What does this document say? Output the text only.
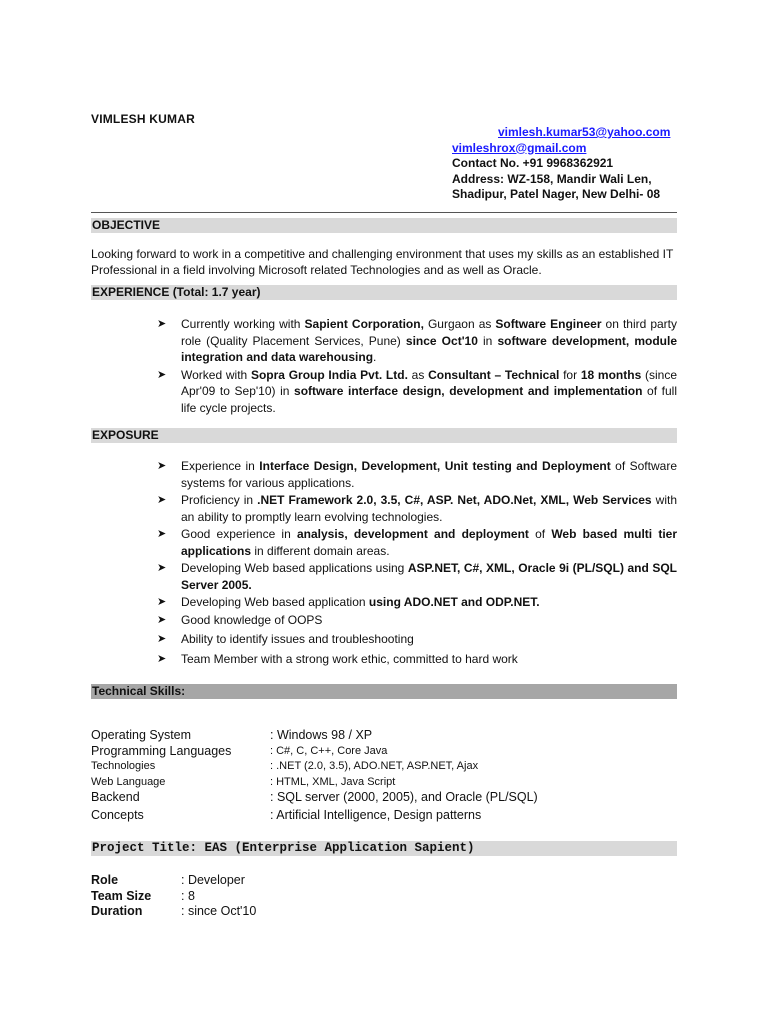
VIMLESH KUMAR
vimlesh.kumar53@yahoo.com
vimleshrox@gmail.com
Contact No. +91 9968362921
Address: WZ-158, Mandir Wali Len,
Shadipur, Patel Nager, New Delhi- 08
OBJECTIVE
Looking forward to work in a competitive and challenging environment that uses my skills as an established IT Professional in a field involving Microsoft related Technologies and as well as Oracle.
EXPERIENCE (Total: 1.7 year)
➤ Currently working with Sapient Corporation, Gurgaon as Software Engineer on third party role (Quality Placement Services, Pune) since Oct'10 in software development, module integration and data warehousing.
➤ Worked with Sopra Group India Pvt. Ltd. as Consultant – Technical for 18 months (since Apr'09 to Sep'10) in software interface design, development and implementation of full life cycle projects.
EXPOSURE
➤ Experience in Interface Design, Development, Unit testing and Deployment of Software systems for various applications.
➤ Proficiency in .NET Framework 2.0, 3.5, C#, ASP. Net, ADO.Net, XML, Web Services with an ability to promptly learn evolving technologies.
➤ Good experience in analysis, development and deployment of Web based multi tier applications in different domain areas.
➤ Developing Web based applications using ASP.NET, C#, XML, Oracle 9i (PL/SQL) and SQL Server 2005.
➤ Developing Web based application using ADO.NET and ODP.NET.
➤ Good knowledge of OOPS
➤ Ability to identify issues and troubleshooting
➤ Team Member with a strong work ethic, committed to hard work
Technical Skills:
Operating System	: Windows 98 / XP
Programming Languages	: C#, C, C++, Core Java
Technologies	: .NET (2.0, 3.5), ADO.NET, ASP.NET, Ajax
Web Language	: HTML, XML, Java Script
Backend	: SQL server (2000, 2005), and Oracle (PL/SQL)
Concepts	: Artificial Intelligence, Design patterns
Project Title: EAS (Enterprise Application Sapient)
Role	: Developer
Team Size	: 8
Duration	: since Oct'10
